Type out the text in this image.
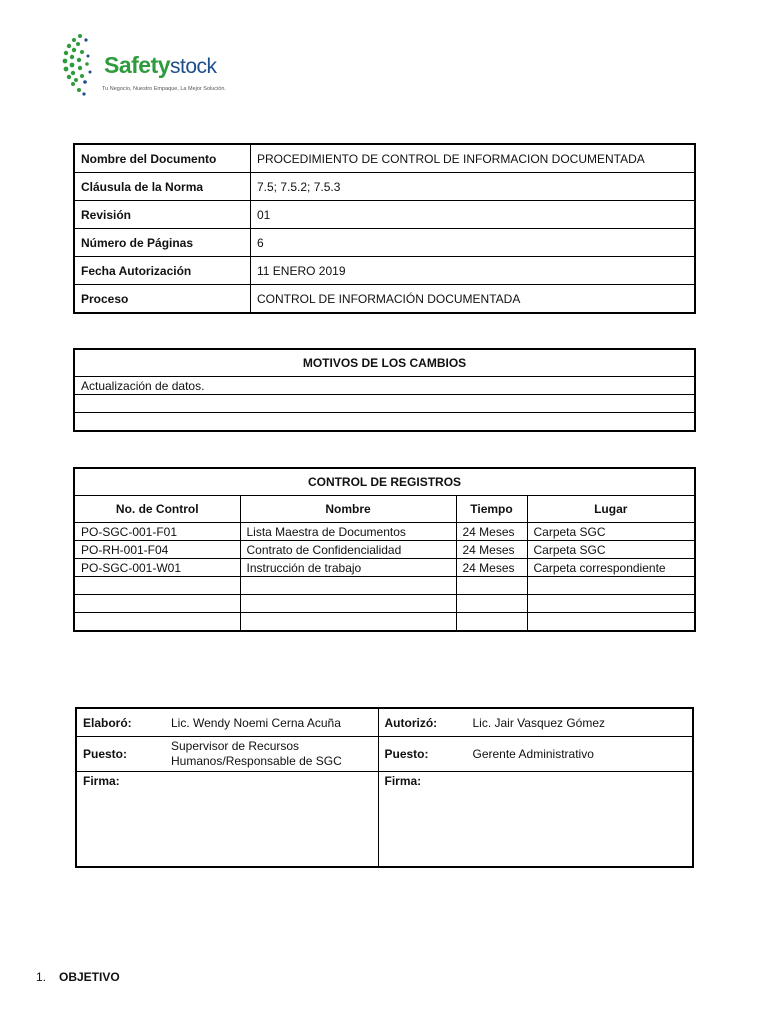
Safetystock
Tu Negocio, Nuestro Empaque, La Mejor Solución.
Nombre del Documento	PROCEDIMIENTO DE CONTROL DE INFORMACION DOCUMENTADA
Cláusula de la Norma	7.5; 7.5.2; 7.5.3
Revisión	01
Número de Páginas	6
Fecha Autorización	11 ENERO 2019
Proceso	CONTROL DE INFORMACIÓN DOCUMENTADA
MOTIVOS DE LOS CAMBIOS
Actualización de datos.

CONTROL DE REGISTROS			
No. de Control	Nombre	Tiempo	Lugar
PO-SGC-001-F01	Lista Maestra de Documentos	24 Meses	Carpeta SGC
PO-RH-001-F04	Contrato de Confidencialidad	24 Meses	Carpeta SGC
PO-SGC-001-W01	Instrucción de trabajo	24 Meses	Carpeta correspondiente

Elaboró:	Lic. Wendy Noemi Cerna Acuña	Autorizó:	Lic. Jair Vasquez Gómez
Puesto:	Supervisor de Recursos Humanos/Responsable de SGC	Puesto:	Gerente Administrativo
Firma:		Firma:	
1. OBJETIVO
